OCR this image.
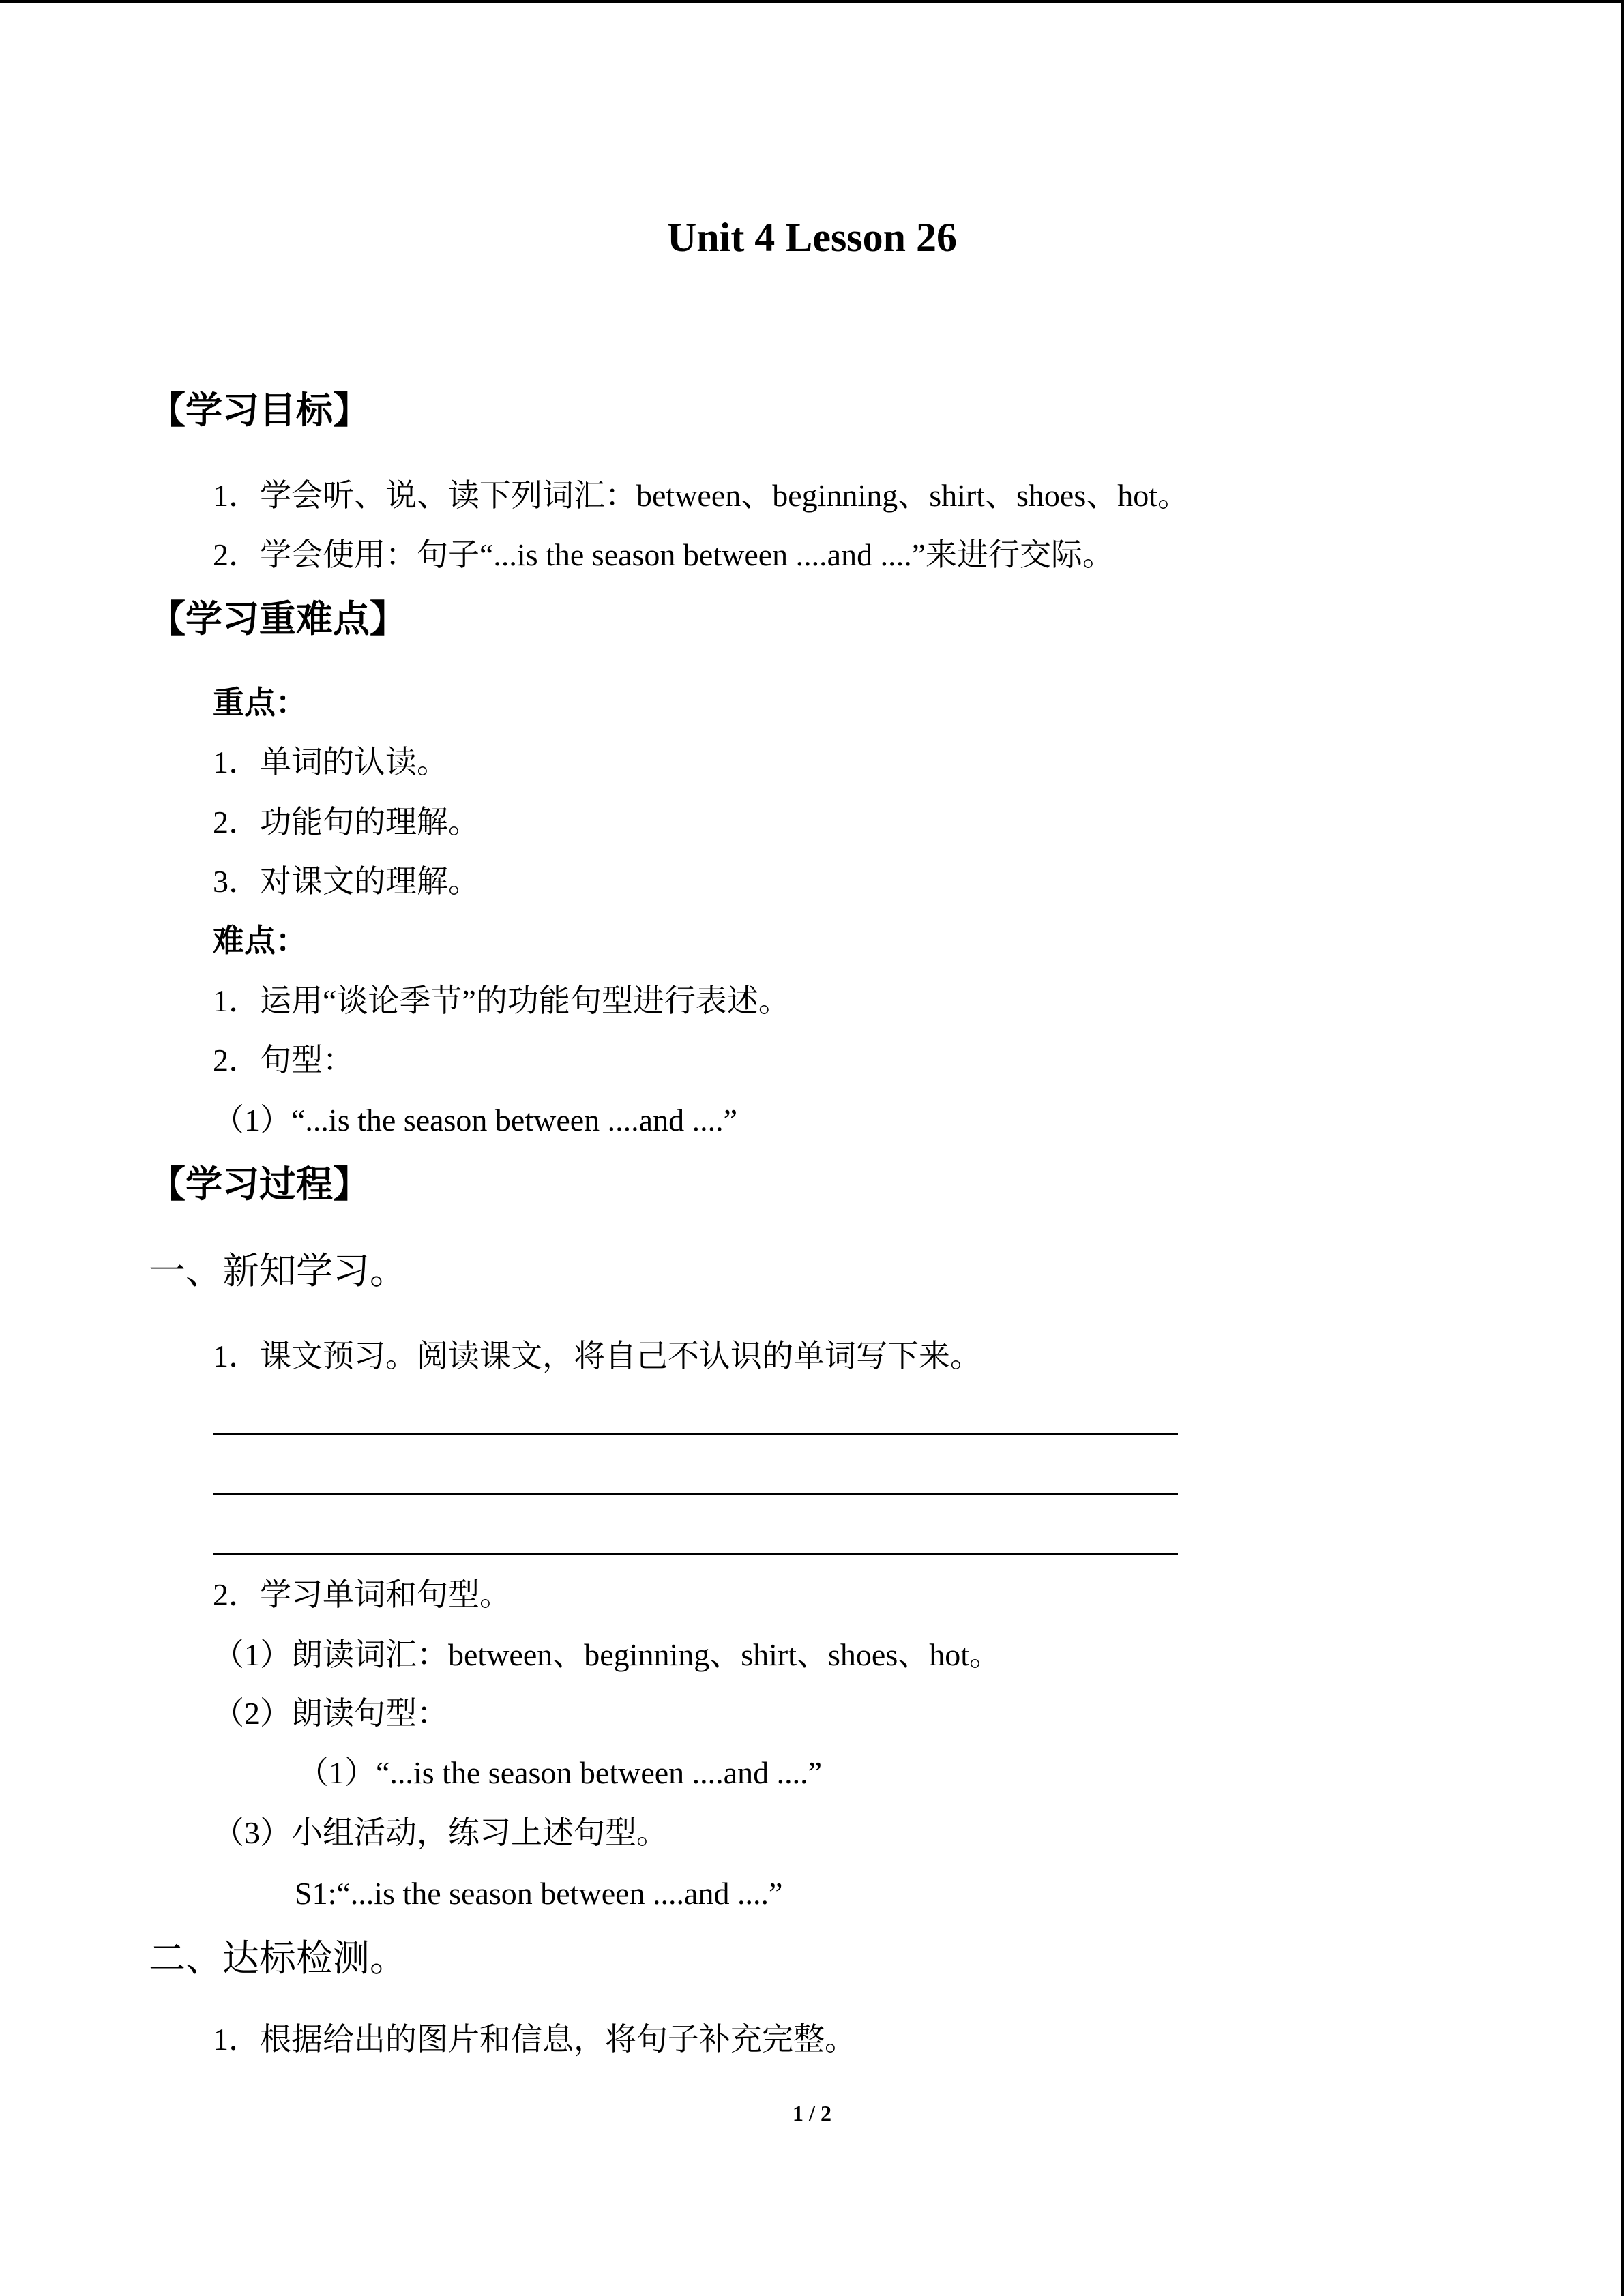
Unit 4 Lesson 26
【学习目标】
1．学会听、说、读下列词汇：between、beginning、shirt、shoes、hot。
2．学会使用：句子“...is the season between ....and ....”来进行交际。
【学习重难点】
重点：
1．单词的认读。
2．功能句的理解。
3．对课文的理解。
难点：
1．运用“谈论季节”的功能句型进行表述。
2．句型：
（1）“...is the season between ....and ....”
【学习过程】
一、新知学习。
1．课文预习。阅读课文，将自己不认识的单词写下来。
2．学习单词和句型。
（1）朗读词汇：between、beginning、shirt、shoes、hot。
（2）朗读句型：
（1）“...is the season between ....and ....”
（3）小组活动，练习上述句型。
S1:“...is the season between ....and ....”
二、达标检测。
1．根据给出的图片和信息，将句子补充完整。
1 / 2
